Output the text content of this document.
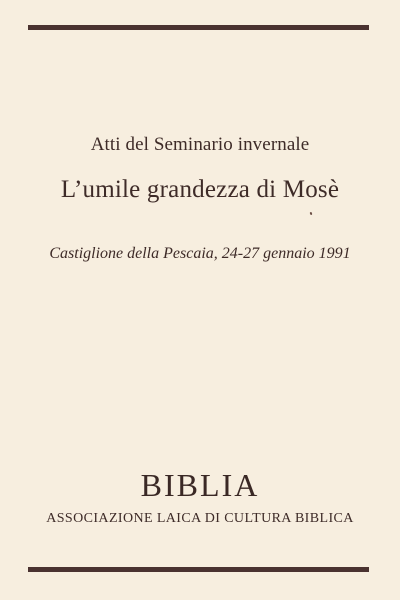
Atti del Seminario invernale
L’umile grandezza di Mosè
Castiglione della Pescaia, 24-27 gennaio 1991
BIBLIA
ASSOCIAZIONE LAICA DI CULTURA BIBLICA
